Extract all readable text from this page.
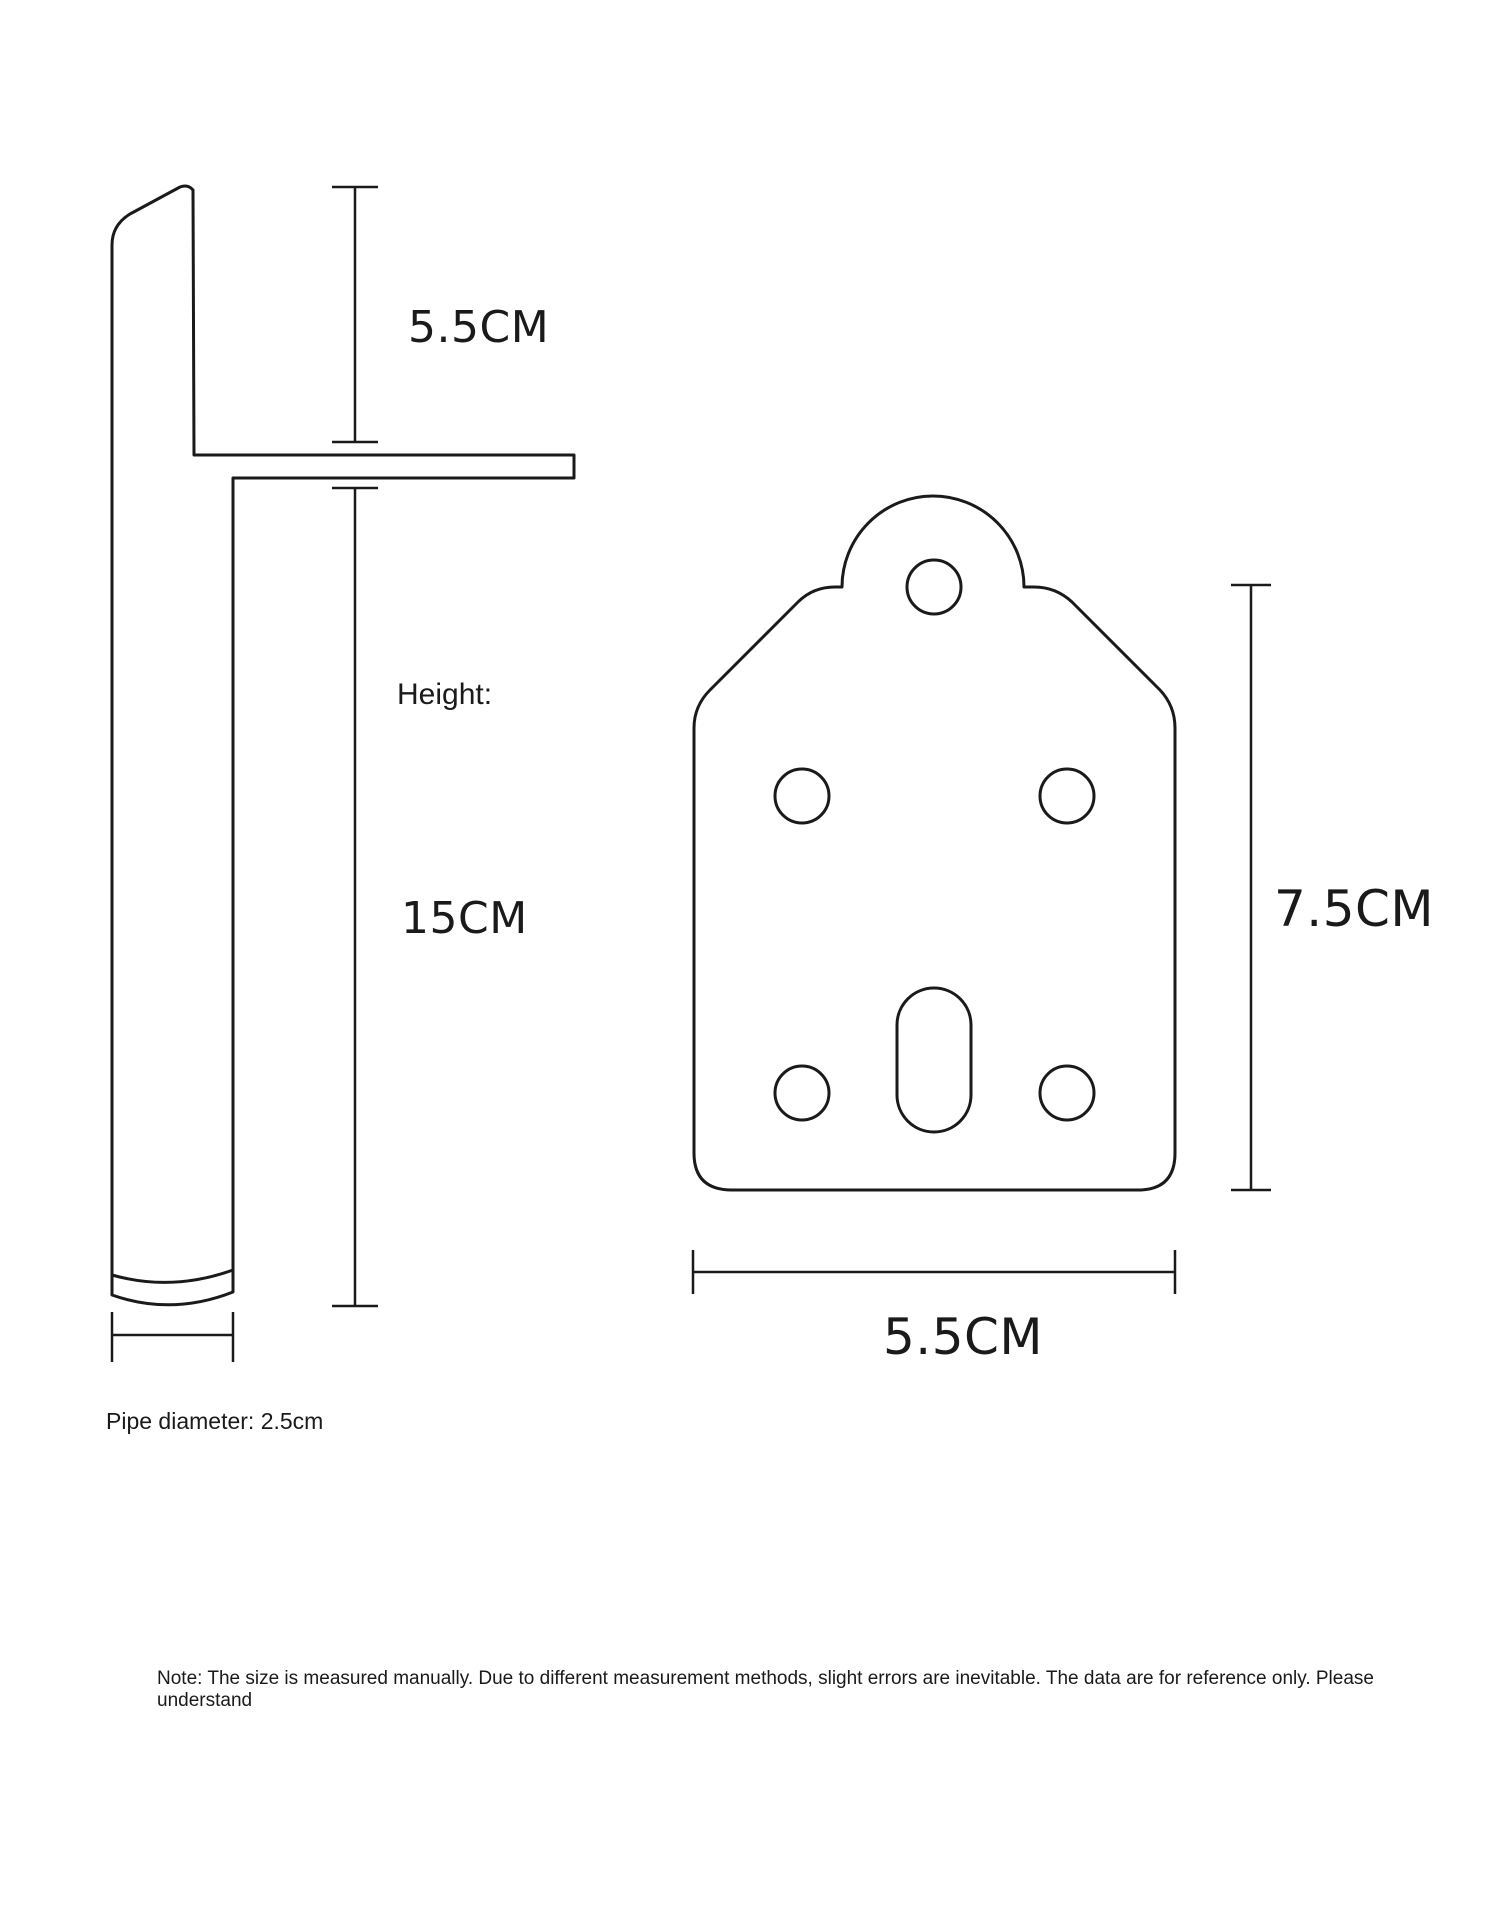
5.5CM
Height:
15CM
Pipe diameter: 2.5cm
7.5CM
5.5CM
Note: The size is measured manually. Due to different measurement methods, slight errors are inevitable. The data are for reference only. Please understand
